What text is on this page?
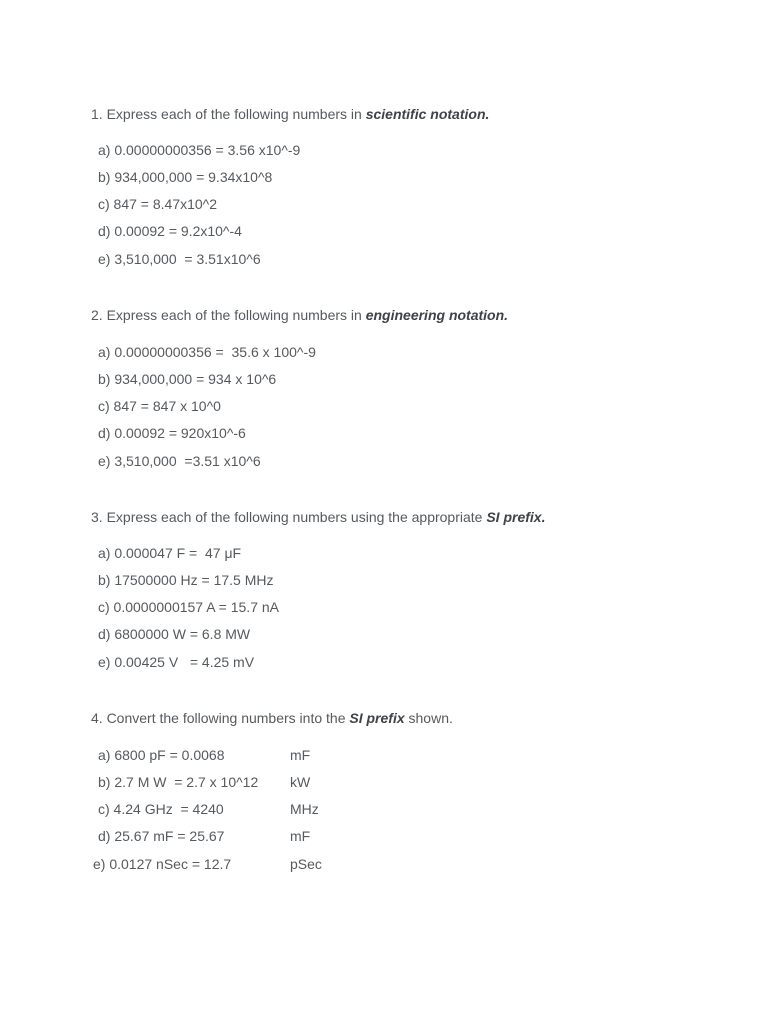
1. Express each of the following numbers in scientific notation.
a) 0.00000000356 = 3.56 x10^-9
b) 934,000,000 = 9.34x10^8
c) 847 = 8.47x10^2
d) 0.00092 = 9.2x10^-4
e) 3,510,000  = 3.51x10^6
2. Express each of the following numbers in engineering notation.
a) 0.00000000356 =  35.6 x 100^-9
b) 934,000,000 = 934 x 10^6
c) 847 = 847 x 10^0
d) 0.00092 = 920x10^-6
e) 3,510,000  =3.51 x10^6
3. Express each of the following numbers using the appropriate SI prefix.
a) 0.000047 F =  47 μF
b) 17500000 Hz = 17.5 MHz
c) 0.0000000157 A = 15.7 nA
d) 6800000 W = 6.8 MW
e) 0.00425 V   = 4.25 mV
4. Convert the following numbers into the SI prefix shown.
a) 6800 pF = 0.0068	mF
b) 2.7 M W  = 2.7 x 10^12 kW
c) 4.24 GHz  = 4240	MHz
d) 25.67 mF = 25.67	mF
e) 0.0127 nSec = 12.7	pSec
